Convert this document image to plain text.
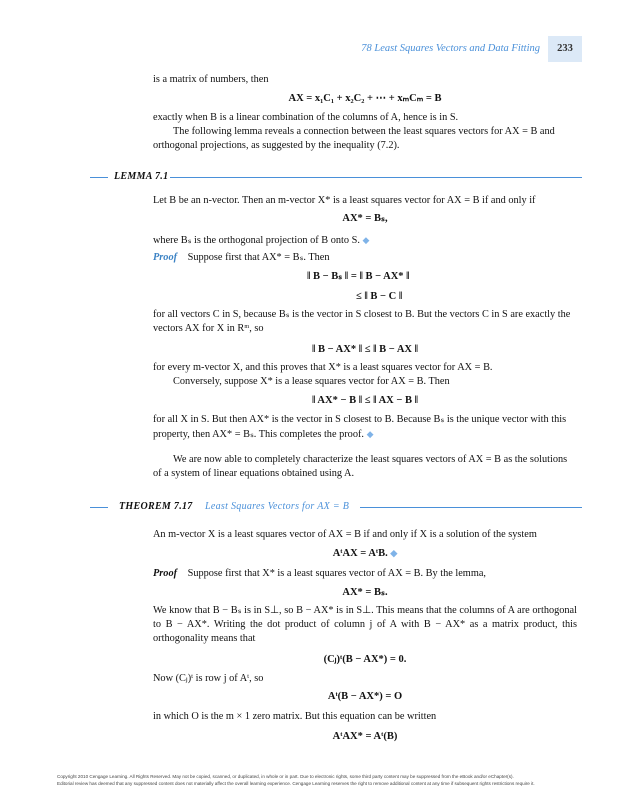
78 Least Squares Vectors and Data Fitting	233
is a matrix of numbers, then
AX = x₁C₁ + x₂C₂ + ⋯ + xₘCₘ = B
exactly when B is a linear combination of the columns of A, hence is in S.
The following lemma reveals a connection between the least squares vectors for AX = B and orthogonal projections, as suggested by the inequality (7.2).
LEMMA 7.1
Let B be an n-vector. Then an m-vector X* is a least squares vector for AX = B if and only if
AX* = Bₛ,
where Bₛ is the orthogonal projection of B onto S. ◆
Proof Suppose first that AX* = Bₛ. Then
‖ B − Bₛ ‖ = ‖ B − AX* ‖
≤ ‖ B − C ‖
for all vectors C in S, because Bₛ is the vector in S closest to B. But the vectors C in S are exactly the vectors AX for X in Rᵐ, so
‖ B − AX* ‖ ≤ ‖ B − AX ‖
for every m-vector X, and this proves that X* is a least squares vector for AX = B.
Conversely, suppose X* is a lease squares vector for AX = B. Then
‖ AX* − B ‖ ≤ ‖ AX − B ‖
for all X in S. But then AX* is the vector in S closest to B. Because Bₛ is the unique vector with this property, then AX* = Bₛ. This completes the proof. ◆
We are now able to completely characterize the least squares vectors of AX = B as the solutions of a system of linear equations obtained using A.
THEOREM 7.17 Least Squares Vectors for AX = B
An m-vector X is a least squares vector of AX = B if and only if X is a solution of the system
AᵗAX = AᵗB. ◆
Proof Suppose first that X* is a least squares vector of AX = B. By the lemma,
AX* = Bₛ.
We know that B − Bₛ is in S⊥, so B − AX* is in S⊥. This means that the columns of A are orthogonal to B − AX*. Writing the dot product of column j of A with B − AX* as a matrix product, this orthogonality means that
(Cⱼ)ᵗ(B − AX*) = 0.
Now (Cⱼ)ᵗ is row j of Aᵗ, so
Aᵗ(B − AX*) = O
in which O is the m × 1 zero matrix. But this equation can be written
AᵗAX* = Aᵗ(B)
Copyright 2010 Cengage Learning. All Rights Reserved. May not be copied, scanned, or duplicated, in whole or in part. Due to electronic rights, some third party content may be suppressed from the eBook and/or eChapter(s).
Editorial review has deemed that any suppressed content does not materially affect the overall learning experience. Cengage Learning reserves the right to remove additional content at any time if subsequent rights restrictions require it.
